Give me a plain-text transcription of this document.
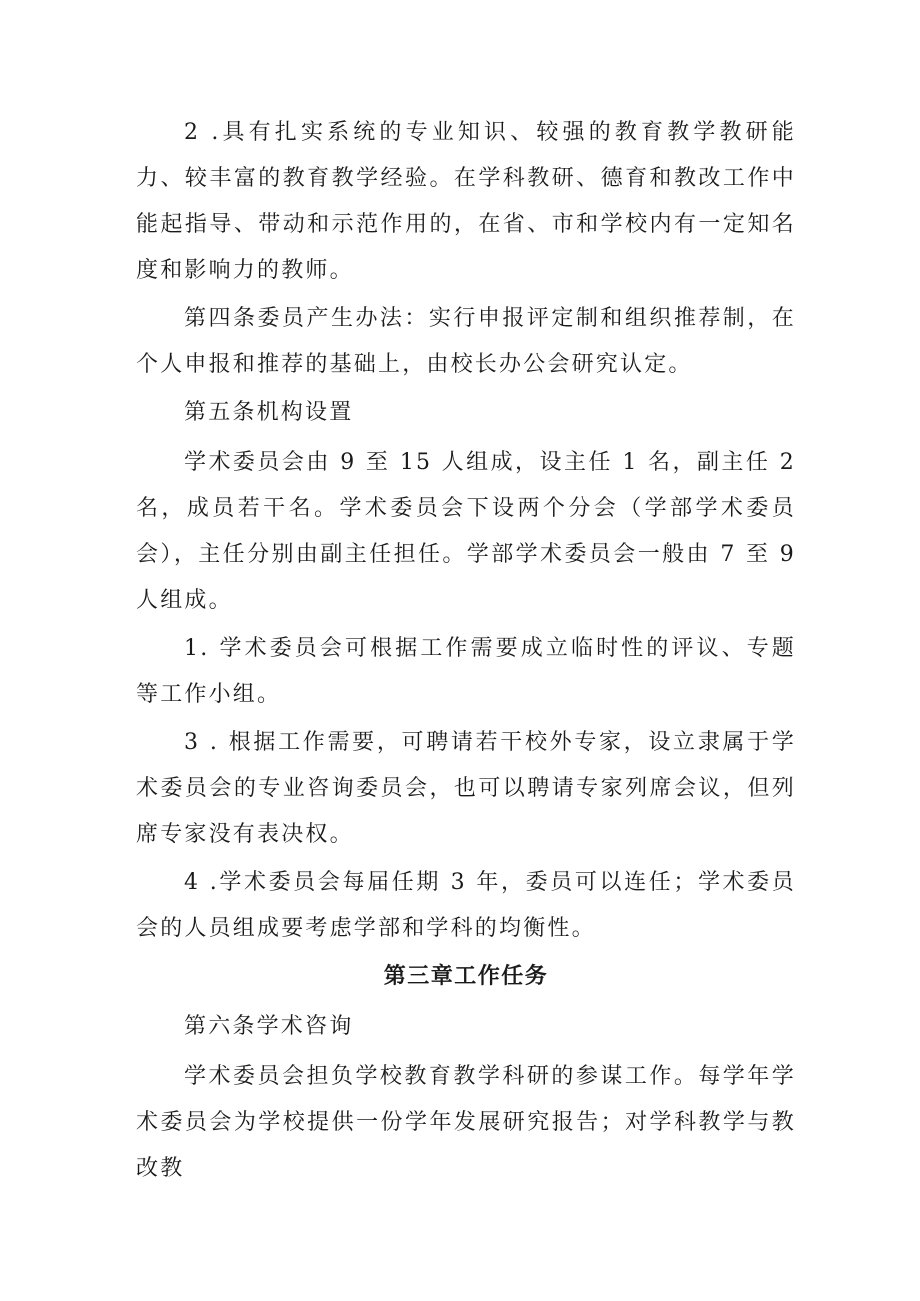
2 .具有扎实系统的专业知识、较强的教育教学教研能力、较丰富的教育教学经验。在学科教研、德育和教改工作中能起指导、带动和示范作用的，在省、市和学校内有一定知名度和影响力的教师。

第四条委员产生办法：实行申报评定制和组织推荐制，在个人申报和推荐的基础上，由校长办公会研究认定。

第五条机构设置

学术委员会由 9 至 15 人组成，设主任 1 名，副主任 2 名，成员若干名。学术委员会下设两个分会（学部学术委员会），主任分别由副主任担任。学部学术委员会一般由 7 至 9 人组成。

1. 学术委员会可根据工作需要成立临时性的评议、专题等工作小组。

3 . 根据工作需要，可聘请若干校外专家，设立隶属于学术委员会的专业咨询委员会，也可以聘请专家列席会议，但列席专家没有表决权。

4 .学术委员会每届任期 3 年，委员可以连任；学术委员会的人员组成要考虑学部和学科的均衡性。

第三章工作任务

第六条学术咨询

学术委员会担负学校教育教学科研的参谋工作。每学年学术委员会为学校提供一份学年发展研究报告；对学科教学与教改教
